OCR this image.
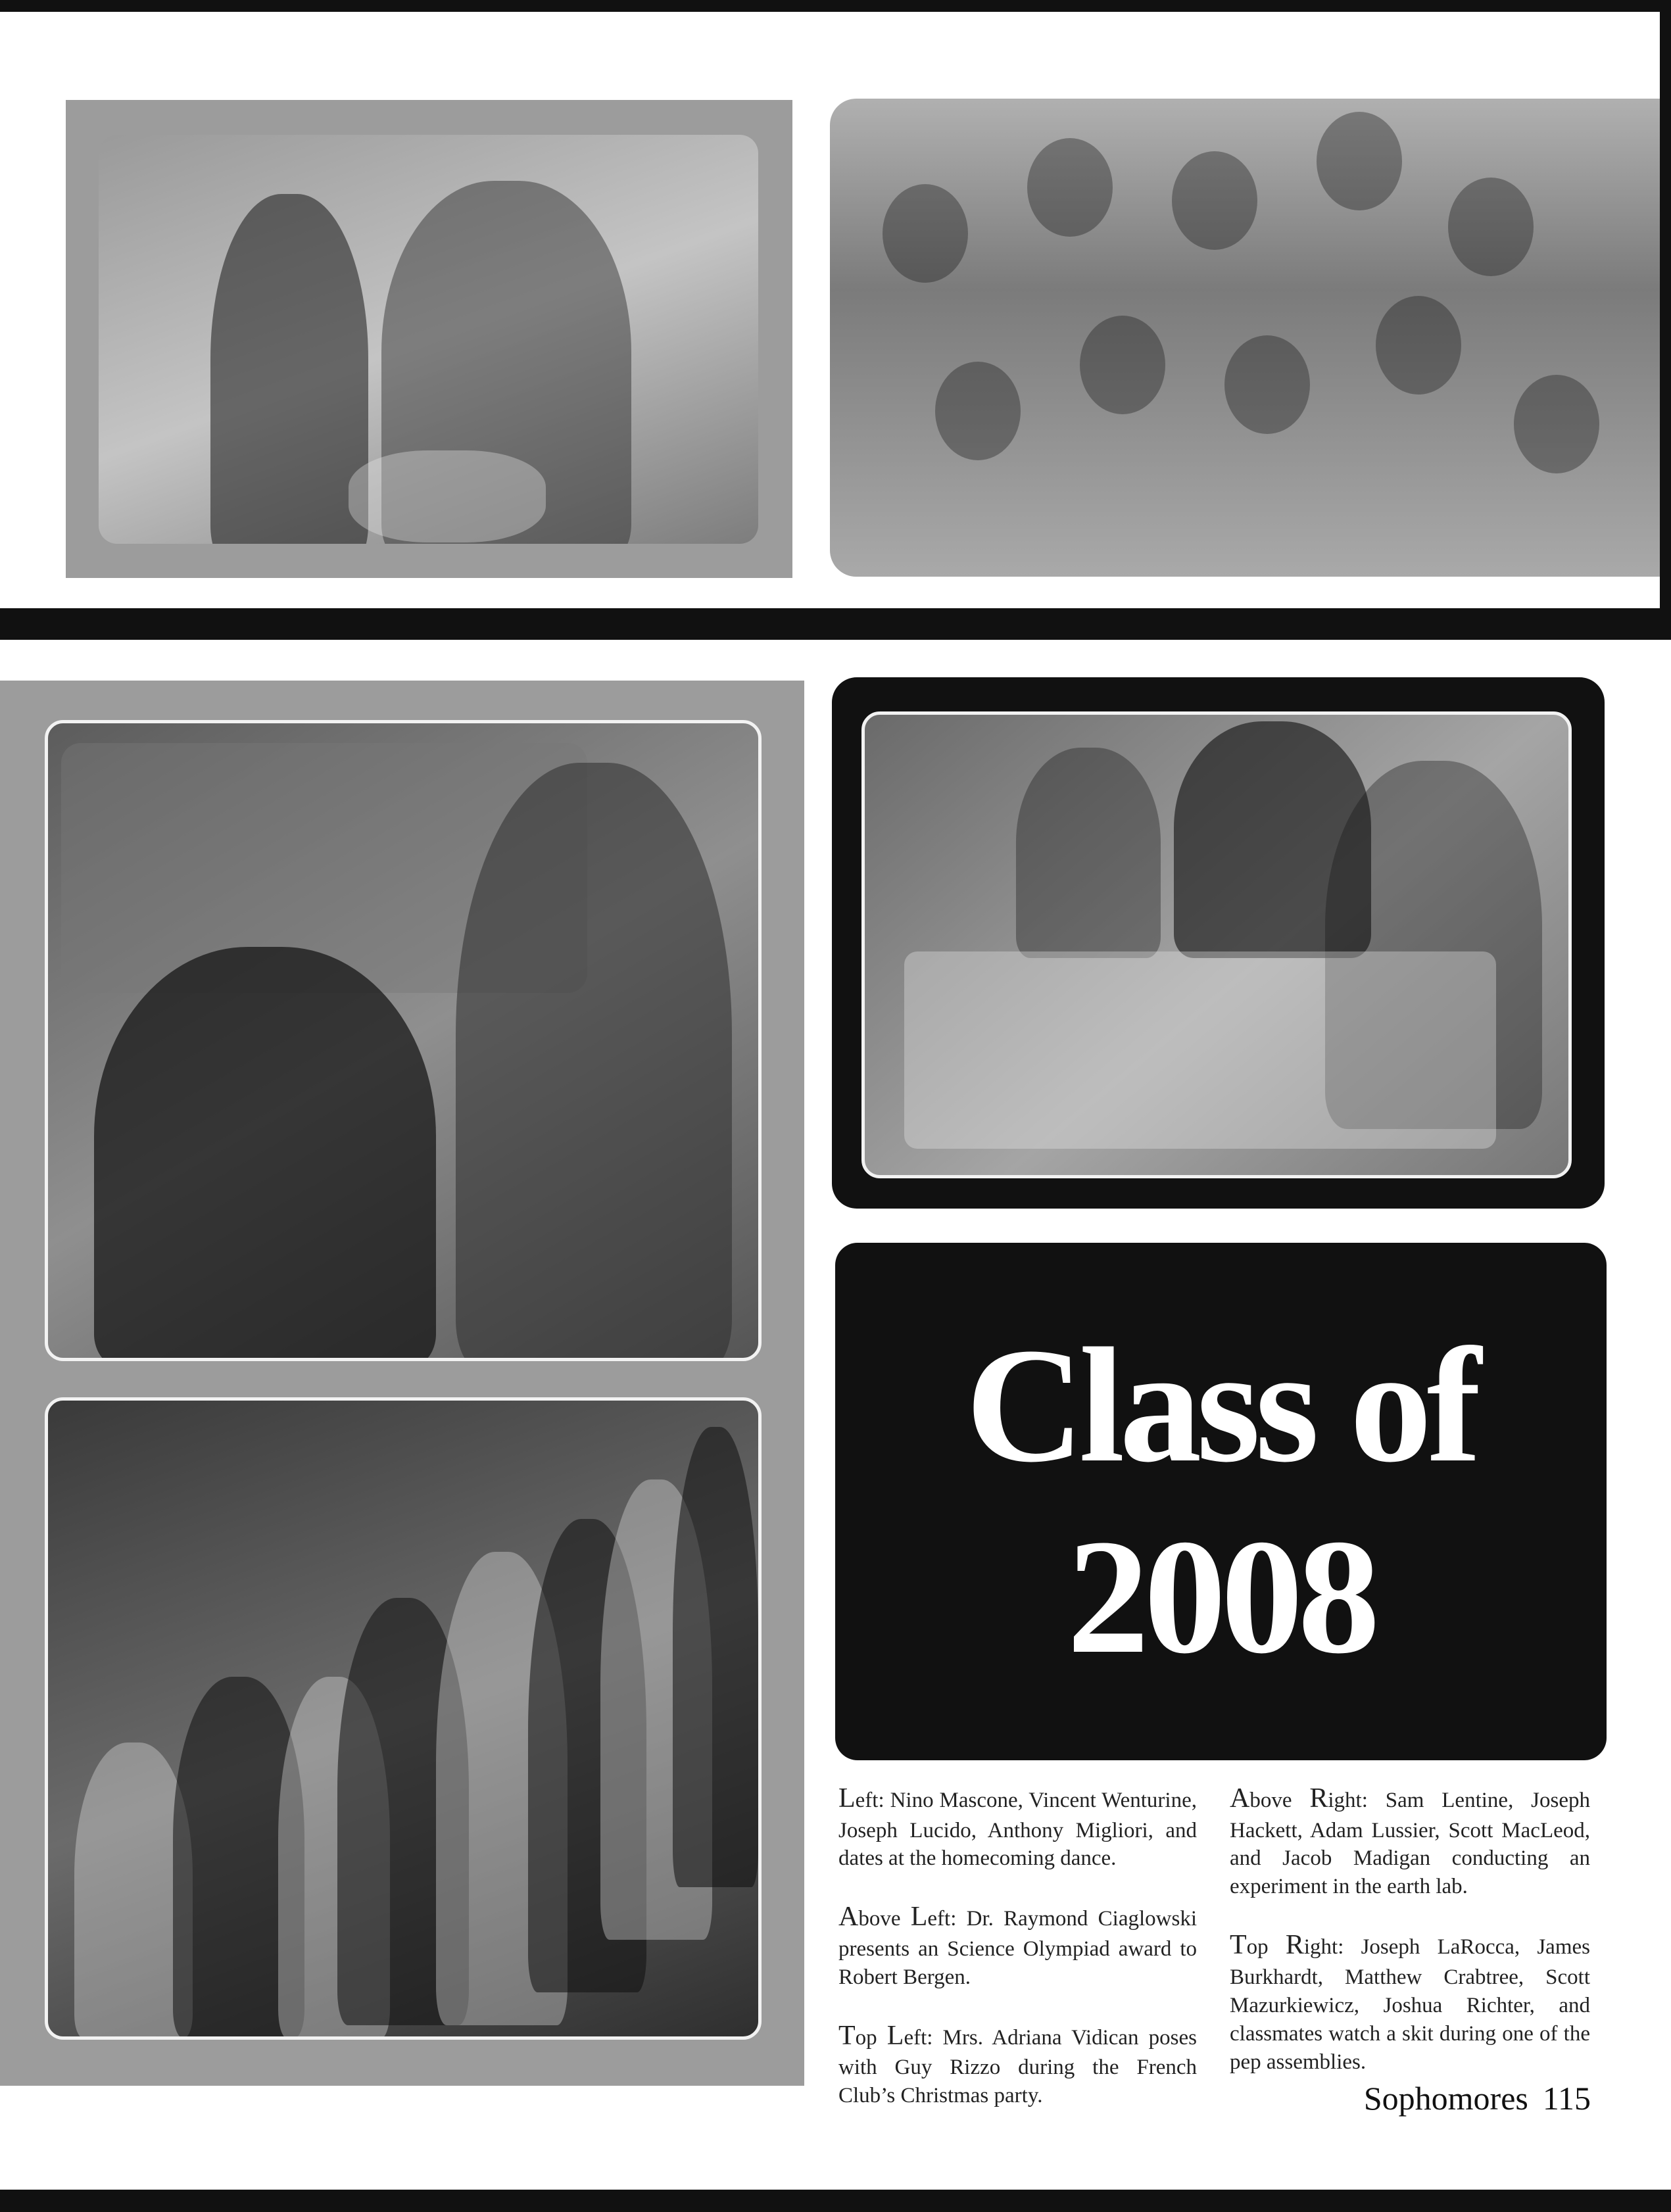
Class of
2008

Left: Nino Mascone, Vincent Wenturine, Joseph Lucido, Anthony Migliori, and dates at the homecoming dance.

Above Left: Dr. Raymond Ciaglowski presents an Science Olympiad award to Robert Bergen.

Top Left: Mrs. Adriana Vidican poses with Guy Rizzo during the French Club’s Christmas party.

Above Right: Sam Lentine, Joseph Hackett, Adam Lussier, Scott MacLeod, and Jacob Madigan conducting an experiment in the earth lab.

Top Right: Joseph LaRocca, James Burkhardt, Matthew Crabtree, Scott Mazurkiewicz, Joshua Richter, and classmates watch a skit during one of the pep assemblies.

Sophomores 115
